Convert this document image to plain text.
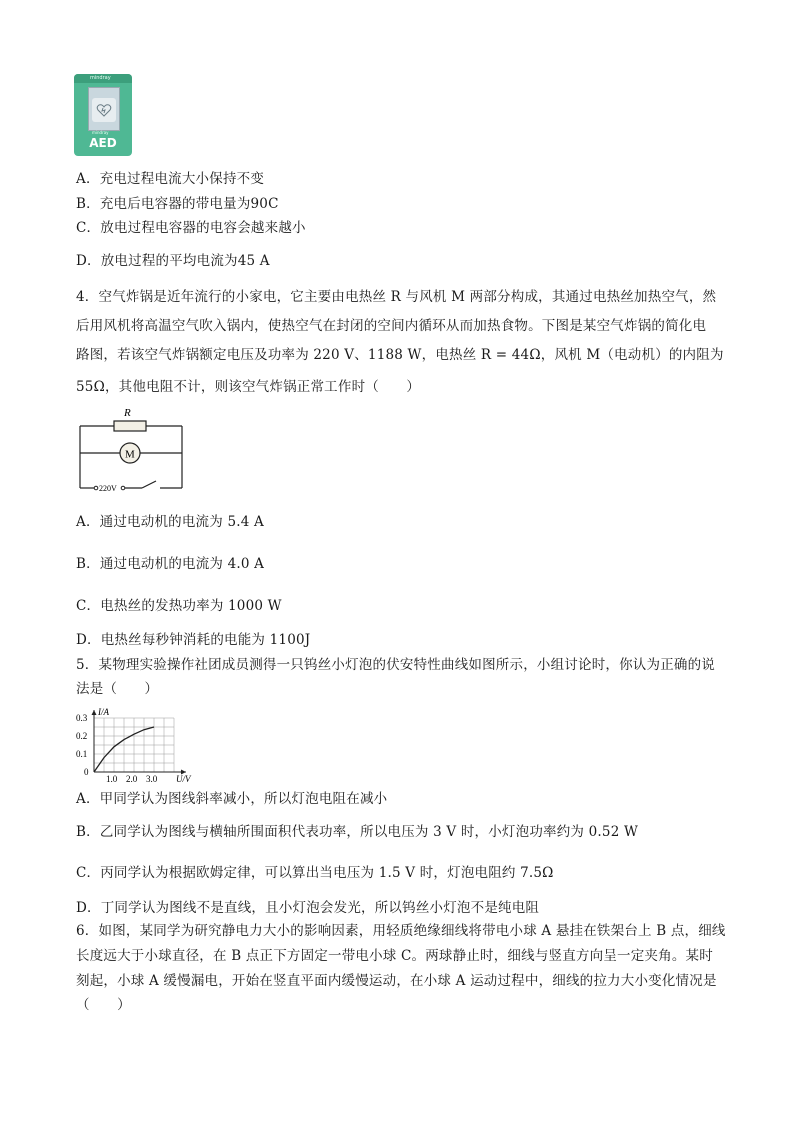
mindray
mindray
AED
A．充电过程电流大小保持不变
B．充电后电容器的带电量为90C
C．放电过程电容器的电容会越来越小
D．放电过程的平均电流为45 A
4．空气炸锅是近年流行的小家电，它主要由电热丝 R 与风机 M 两部分构成，其通过电热丝加热空气，然
后用风机将高温空气吹入锅内，使热空气在封闭的空间内循环从而加热食物。下图是某空气炸锅的简化电
路图，若该空气炸锅额定电压及功率为 220 V、1188 W，电热丝 R = 44Ω，风机 M（电动机）的内阻为
55Ω，其他电阻不计，则该空气炸锅正常工作时（　　）
R
M
220V
A．通过电动机的电流为 5.4 A
B．通过电动机的电流为 4.0 A
C．电热丝的发热功率为 1000 W
D．电热丝每秒钟消耗的电能为 1100J
5．某物理实验操作社团成员测得一只钨丝小灯泡的伏安特性曲线如图所示，小组讨论时，你认为正确的说
法是（　　）
1.0 2.0 3.0
0.1
0.2
0.3
I/A
U/V
0
A．甲同学认为图线斜率减小，所以灯泡电阻在减小
B．乙同学认为图线与横轴所围面积代表功率，所以电压为 3 V 时，小灯泡功率约为 0.52 W
C．丙同学认为根据欧姆定律，可以算出当电压为 1.5 V 时，灯泡电阻约 7.5Ω
D．丁同学认为图线不是直线，且小灯泡会发光，所以钨丝小灯泡不是纯电阻
6．如图，某同学为研究静电力大小的影响因素，用轻质绝缘细线将带电小球 A 悬挂在铁架台上 B 点，细线
长度远大于小球直径，在 B 点正下方固定一带电小球 C。两球静止时，细线与竖直方向呈一定夹角。某时
刻起，小球 A 缓慢漏电，开始在竖直平面内缓慢运动，在小球 A 运动过程中，细线的拉力大小变化情况是
（　　）
